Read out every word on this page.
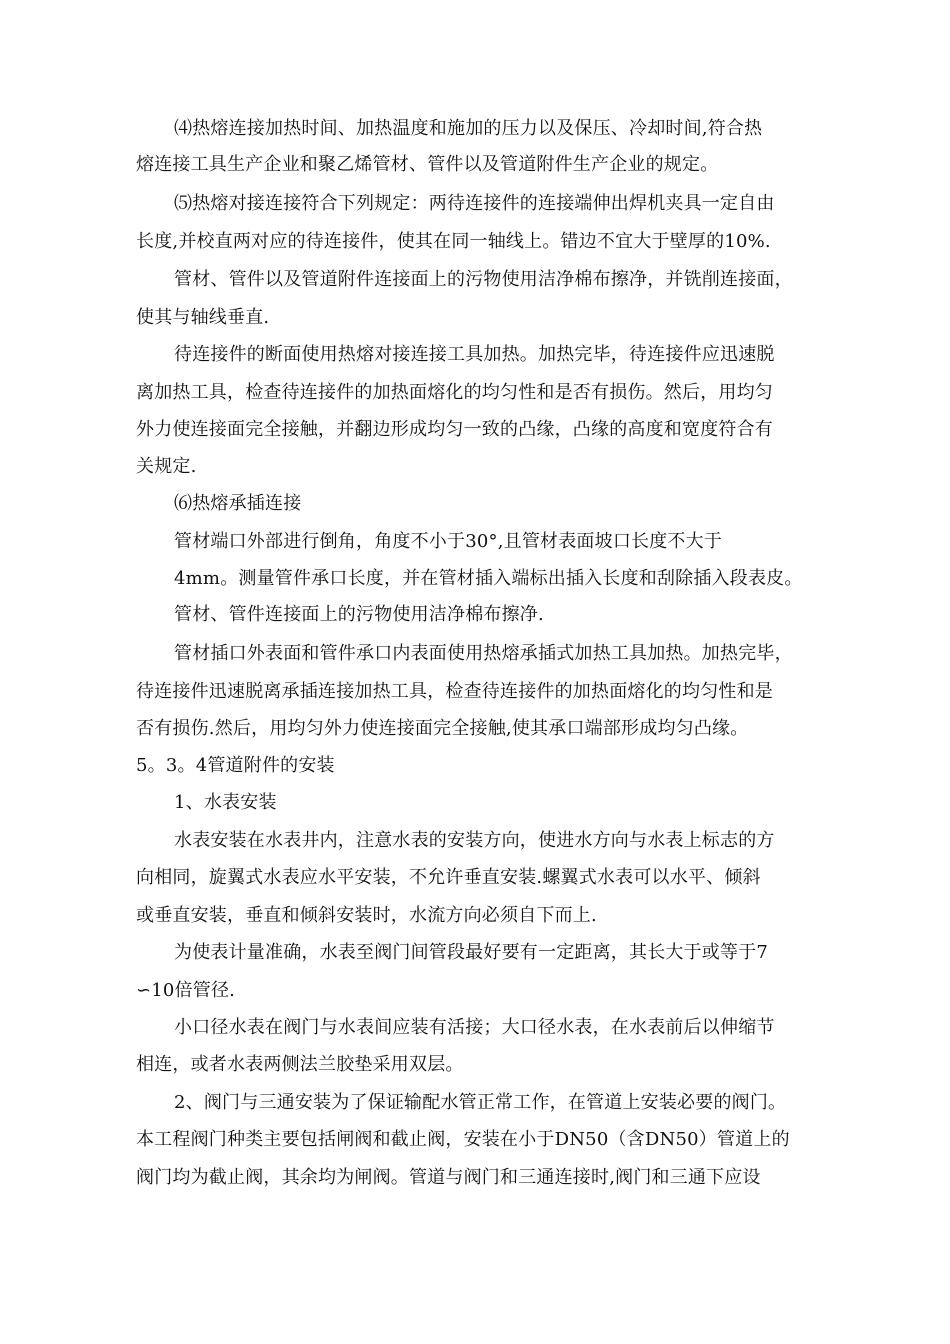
⑷热熔连接加热时间、加热温度和施加的压力以及保压、冷却时间,符合热
熔连接工具生产企业和聚乙烯管材、管件以及管道附件生产企业的规定。
⑸热熔对接连接符合下列规定：两待连接件的连接端伸出焊机夹具一定自由
长度,并校直两对应的待连接件，使其在同一轴线上。错边不宜大于壁厚的10%.
管材、管件以及管道附件连接面上的污物使用洁净棉布擦净，并铣削连接面，
使其与轴线垂直.
待连接件的断面使用热熔对接连接工具加热。加热完毕，待连接件应迅速脱
离加热工具，检查待连接件的加热面熔化的均匀性和是否有损伤。然后，用均匀
外力使连接面完全接触，并翻边形成均匀一致的凸缘，凸缘的高度和宽度符合有
关规定.
⑹热熔承插连接
管材端口外部进行倒角，角度不小于30°,且管材表面坡口长度不大于
4mm。测量管件承口长度，并在管材插入端标出插入长度和刮除插入段表皮。
管材、管件连接面上的污物使用洁净棉布擦净.
管材插口外表面和管件承口内表面使用热熔承插式加热工具加热。加热完毕，
待连接件迅速脱离承插连接加热工具，检查待连接件的加热面熔化的均匀性和是
否有损伤.然后，用均匀外力使连接面完全接触,使其承口端部形成均匀凸缘。
5。3。4管道附件的安装
1、水表安装
水表安装在水表井内，注意水表的安装方向，使进水方向与水表上标志的方
向相同，旋翼式水表应水平安装，不允许垂直安装.螺翼式水表可以水平、倾斜
或垂直安装，垂直和倾斜安装时，水流方向必须自下而上.
为使表计量准确，水表至阀门间管段最好要有一定距离，其长大于或等于7
∽10倍管径.
小口径水表在阀门与水表间应装有活接；大口径水表，在水表前后以伸缩节
相连，或者水表两侧法兰胶垫采用双层。
2、阀门与三通安装为了保证输配水管正常工作，在管道上安装必要的阀门。
本工程阀门种类主要包括闸阀和截止阀，安装在小于DN50（含DN50）管道上的
阀门均为截止阀，其余均为闸阀。管道与阀门和三通连接时,阀门和三通下应设
